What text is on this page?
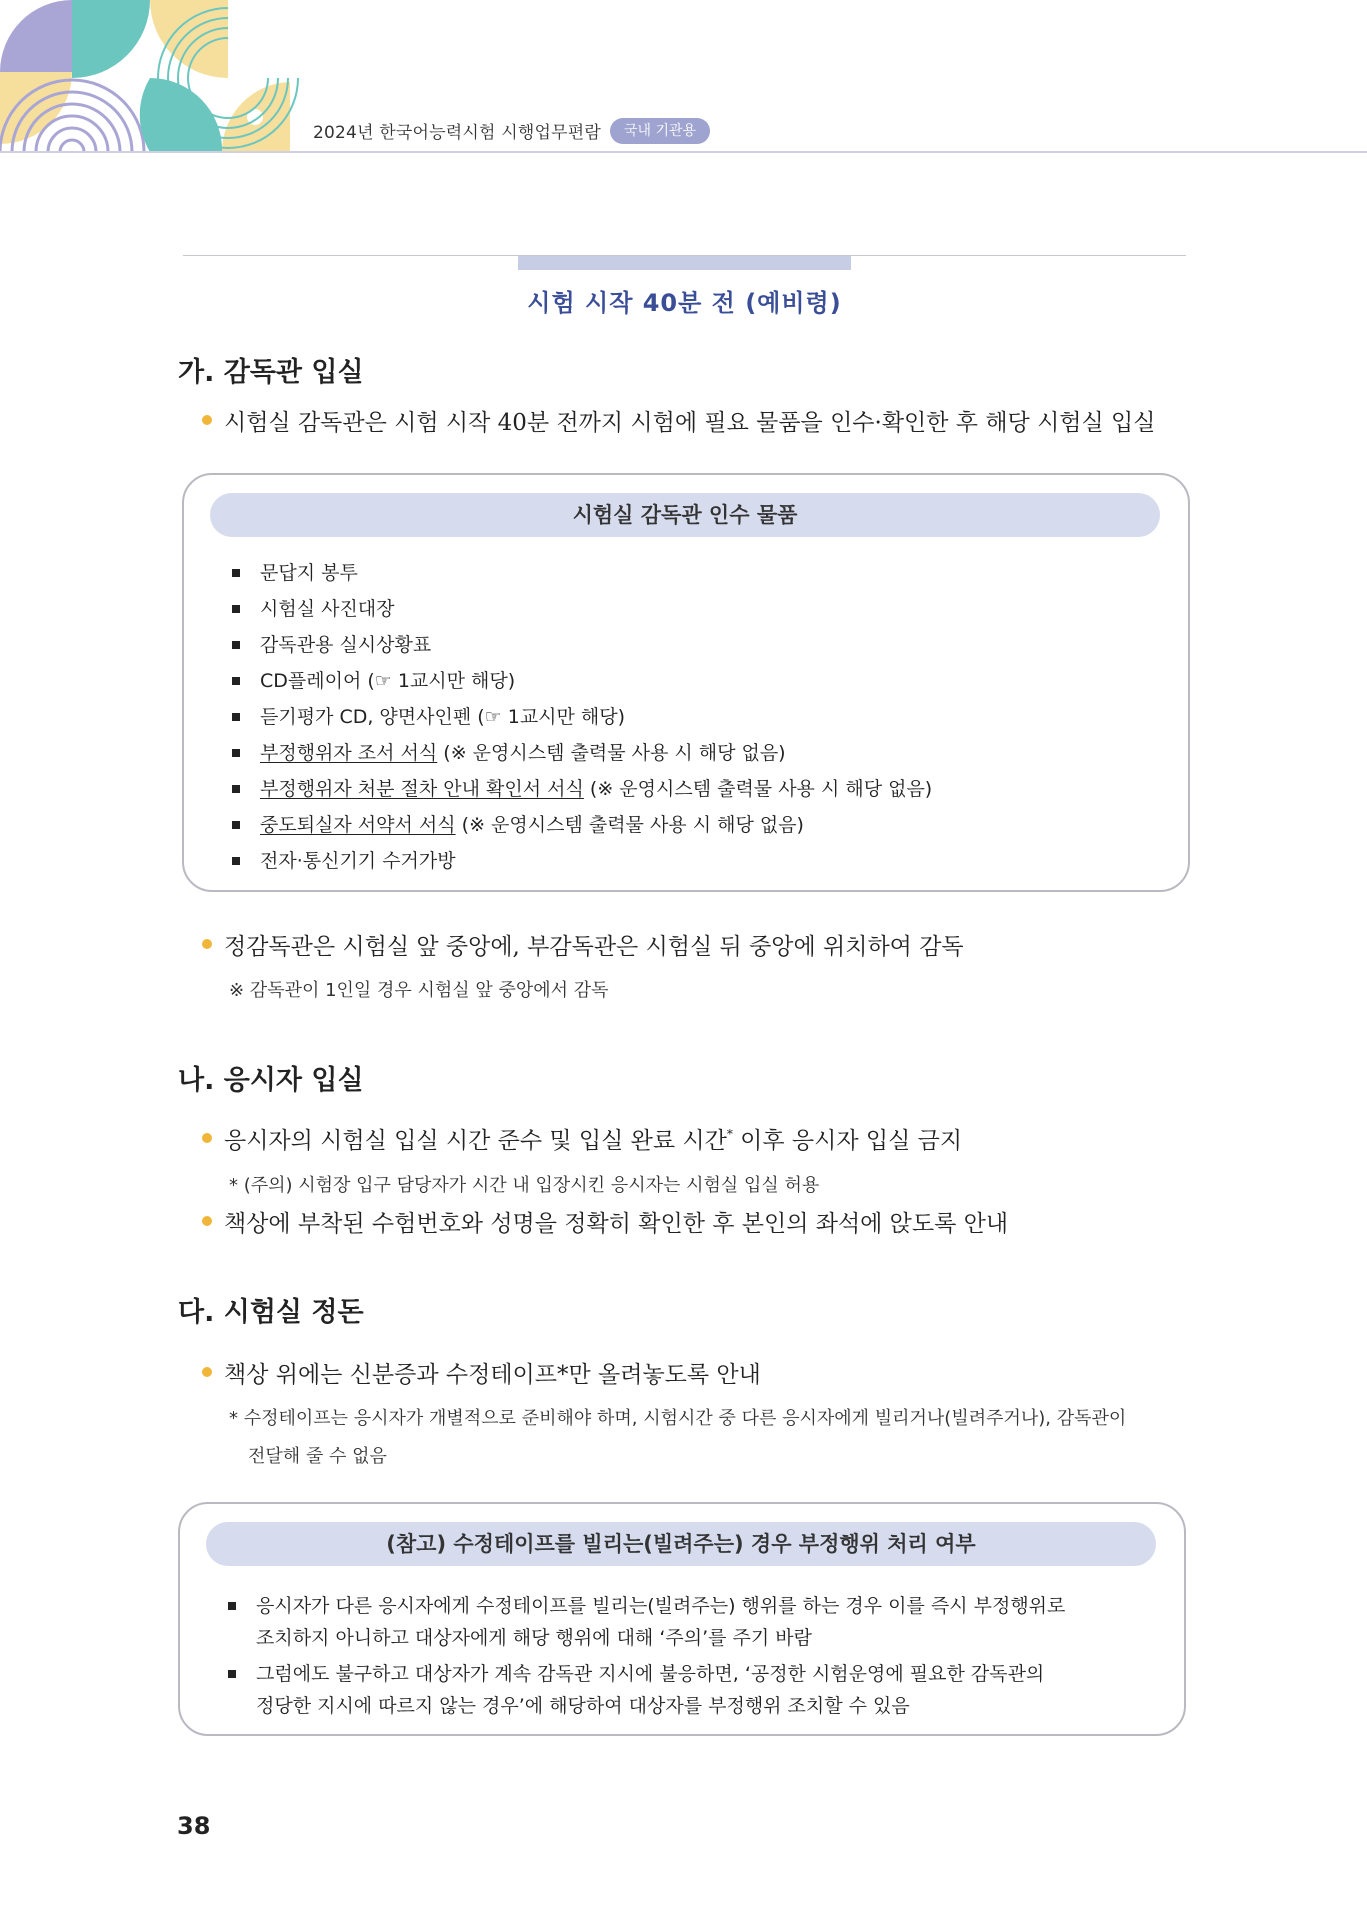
2024년 한국어능력시험 시행업무편람	국내 기관용
시험 시작 40분 전 (예비령)
가. 감독관 입실
시험실 감독관은 시험 시작 40분 전까지 시험에 필요 물품을 인수·확인한 후 해당 시험실 입실
시험실 감독관 인수 물품
문답지 봉투
시험실 사진대장
감독관용 실시상황표
CD플레이어 (☞ 1교시만 해당)
듣기평가 CD, 양면사인펜 (☞ 1교시만 해당)
부정행위자 조서 서식 (※ 운영시스템 출력물 사용 시 해당 없음)
부정행위자 처분 절차 안내 확인서 서식 (※ 운영시스템 출력물 사용 시 해당 없음)
중도퇴실자 서약서 서식 (※ 운영시스템 출력물 사용 시 해당 없음)
전자·통신기기 수거가방
정감독관은 시험실 앞 중앙에, 부감독관은 시험실 뒤 중앙에 위치하여 감독
※ 감독관이 1인일 경우 시험실 앞 중앙에서 감독
나. 응시자 입실
응시자의 시험실 입실 시간 준수 및 입실 완료 시간* 이후 응시자 입실 금지
* (주의) 시험장 입구 담당자가 시간 내 입장시킨 응시자는 시험실 입실 허용
책상에 부착된 수험번호와 성명을 정확히 확인한 후 본인의 좌석에 앉도록 안내
다. 시험실 정돈
책상 위에는 신분증과 수정테이프*만 올려놓도록 안내
* 수정테이프는 응시자가 개별적으로 준비해야 하며, 시험시간 중 다른 응시자에게 빌리거나(빌려주거나), 감독관이
전달해 줄 수 없음
(참고) 수정테이프를 빌리는(빌려주는) 경우 부정행위 처리 여부
응시자가 다른 응시자에게 수정테이프를 빌리는(빌려주는) 행위를 하는 경우 이를 즉시 부정행위로
조치하지 아니하고 대상자에게 해당 행위에 대해 ‘주의’를 주기 바람
그럼에도 불구하고 대상자가 계속 감독관 지시에 불응하면, ‘공정한 시험운영에 필요한 감독관의
정당한 지시에 따르지 않는 경우’에 해당하여 대상자를 부정행위 조치할 수 있음
38
